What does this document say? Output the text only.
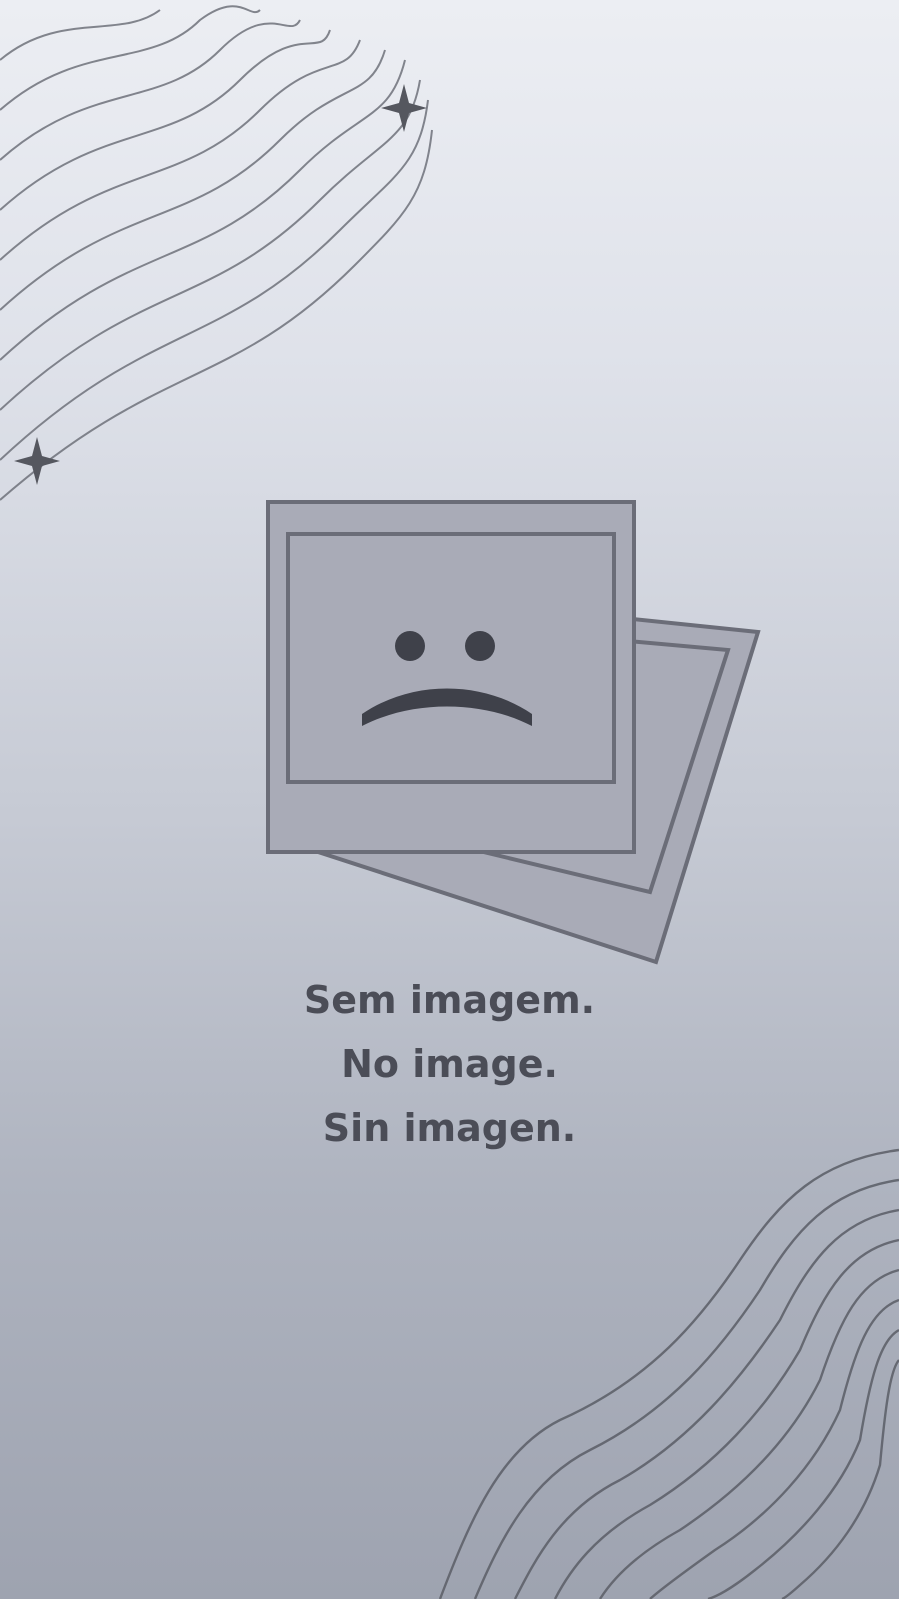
Sem imagem.
No image.
Sin imagen.
